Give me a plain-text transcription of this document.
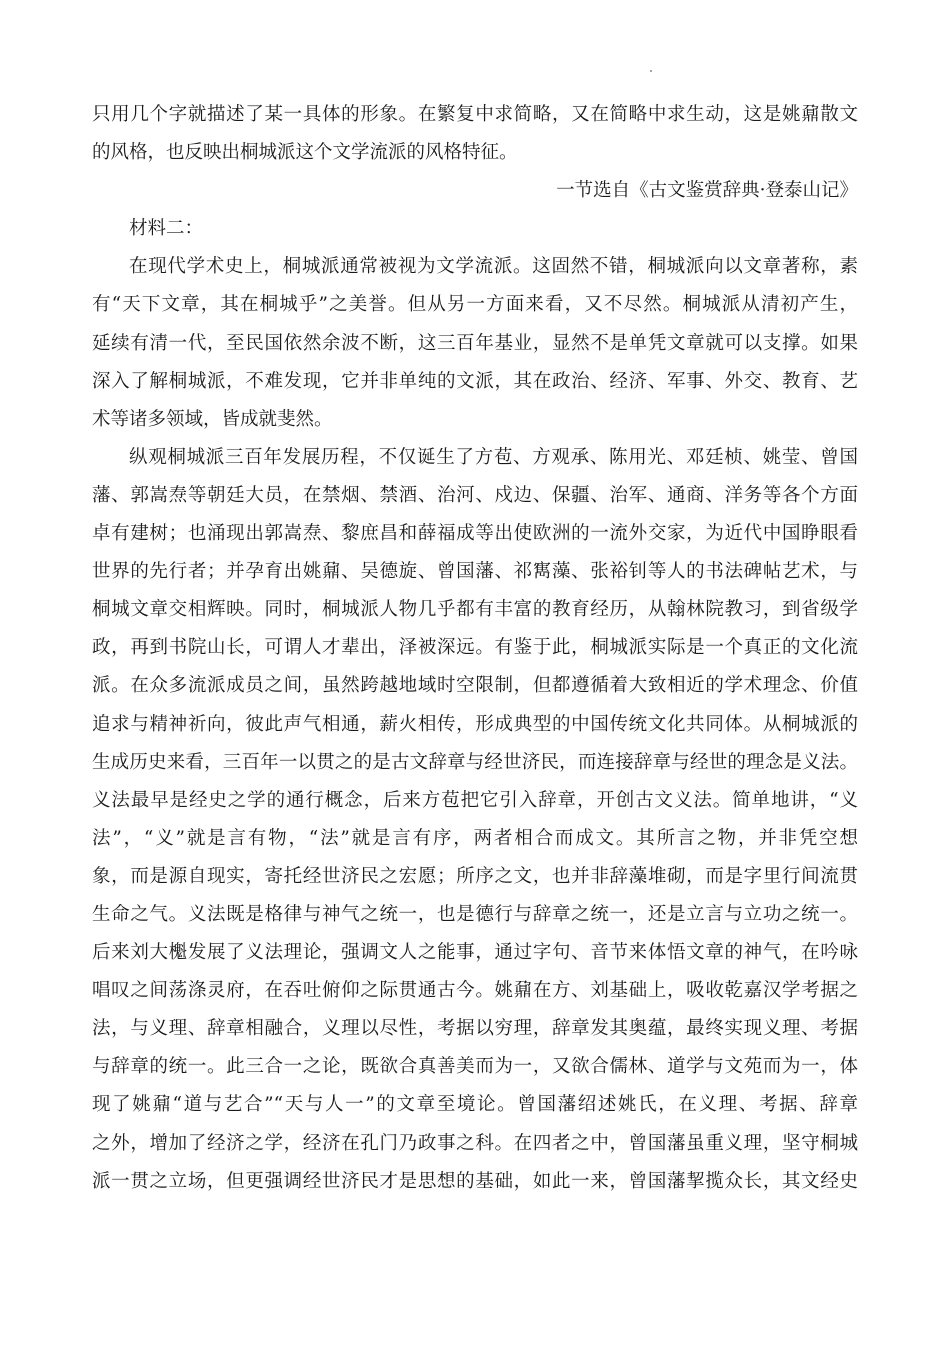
只用几个字就描述了某一具体的形象。在繁复中求简略，又在简略中求生动，这是姚鼐散文
的风格，也反映出桐城派这个文学流派的风格特征。
一节选自《古文鉴赏辞典·登泰山记》
材料二：
在现代学术史上，桐城派通常被视为文学流派。这固然不错，桐城派向以文章著称，素
有“天下文章，其在桐城乎”之美誉。但从另一方面来看，又不尽然。桐城派从清初产生，
延续有清一代，至民国依然余波不断，这三百年基业，显然不是单凭文章就可以支撑。如果
深入了解桐城派，不难发现，它并非单纯的文派，其在政治、经济、军事、外交、教育、艺
术等诸多领域，皆成就斐然。
纵观桐城派三百年发展历程，不仅诞生了方苞、方观承、陈用光、邓廷桢、姚莹、曾国
藩、郭嵩焘等朝廷大员，在禁烟、禁酒、治河、戍边、保疆、治军、通商、洋务等各个方面
卓有建树；也涌现出郭嵩焘、黎庶昌和薛福成等出使欧洲的一流外交家，为近代中国睁眼看
世界的先行者；并孕育出姚鼐、吴德旋、曾国藩、祁寯藻、张裕钊等人的书法碑帖艺术，与
桐城文章交相辉映。同时，桐城派人物几乎都有丰富的教育经历，从翰林院教习，到省级学
政，再到书院山长，可谓人才辈出，泽被深远。有鉴于此，桐城派实际是一个真正的文化流
派。在众多流派成员之间，虽然跨越地域时空限制，但都遵循着大致相近的学术理念、价值
追求与精神祈向，彼此声气相通，薪火相传，形成典型的中国传统文化共同体。从桐城派的
生成历史来看，三百年一以贯之的是古文辞章与经世济民，而连接辞章与经世的理念是义法。
义法最早是经史之学的通行概念，后来方苞把它引入辞章，开创古文义法。简单地讲，“义
法”，“义”就是言有物，“法”就是言有序，两者相合而成文。其所言之物，并非凭空想
象，而是源自现实，寄托经世济民之宏愿；所序之文，也并非辞藻堆砌，而是字里行间流贯
生命之气。义法既是格律与神气之统一，也是德行与辞章之统一，还是立言与立功之统一。
后来刘大櫆发展了义法理论，强调文人之能事，通过字句、音节来体悟文章的神气，在吟咏
唱叹之间荡涤灵府，在吞吐俯仰之际贯通古今。姚鼐在方、刘基础上，吸收乾嘉汉学考据之
法，与义理、辞章相融合，义理以尽性，考据以穷理，辞章发其奥蕴，最终实现义理、考据
与辞章的统一。此三合一之论，既欲合真善美而为一，又欲合儒林、道学与文苑而为一，体
现了姚鼐“道与艺合”“天与人一”的文章至境论。曾国藩绍述姚氏，在义理、考据、辞章
之外，增加了经济之学，经济在孔门乃政事之科。在四者之中，曾国藩虽重义理，坚守桐城
派一贯之立场，但更强调经世济民才是思想的基础，如此一来，曾国藩挈揽众长，其文经史
